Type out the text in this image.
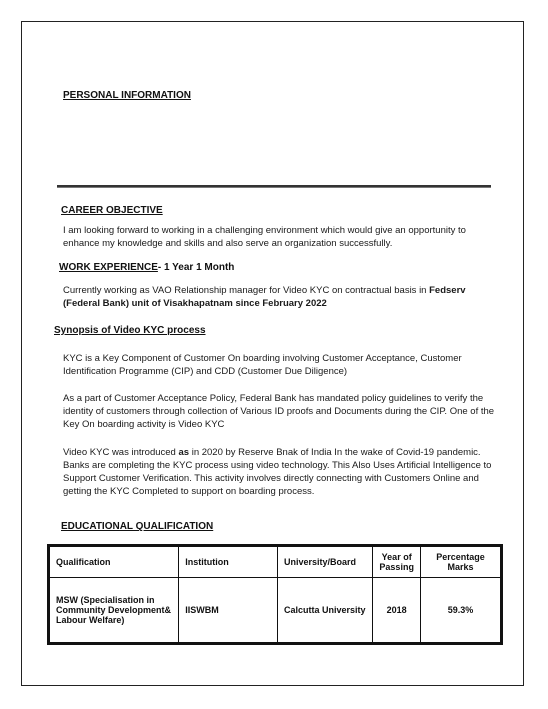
PERSONAL INFORMATION
CAREER OBJECTIVE
I am looking forward to working in a challenging environment which would give an opportunity to enhance my knowledge and skills and also serve an organization successfully.
WORK EXPERIENCE- 1 Year 1 Month
Currently working as VAO Relationship manager for Video KYC on contractual basis in Fedserv (Federal Bank) unit of Visakhapatnam since February 2022
Synopsis of Video KYC process
KYC is a Key Component of Customer On boarding involving Customer Acceptance, Customer Identification Programme (CIP) and CDD (Customer Due Diligence)
As a part of Customer Acceptance Policy, Federal Bank has mandated policy guidelines to verify the identity of customers through collection of Various ID proofs and Documents during the CIP. One of the Key On boarding activity is Video KYC
Video KYC was introduced as in 2020 by Reserve Bnak of India In the wake of Covid-19 pandemic. Banks are completing the KYC process using video technology. This Also Uses Artificial Intelligence to Support Customer Verification. This activity involves directly connecting with Customers Online and getting the KYC Completed to support on boarding process.
EDUCATIONAL QUALIFICATION
Qualification	Institution	University/Board	Year of Passing	Percentage Marks
MSW (Specialisation in Community Development& Labour Welfare)	IISWBM	Calcutta University	2018	59.3%
